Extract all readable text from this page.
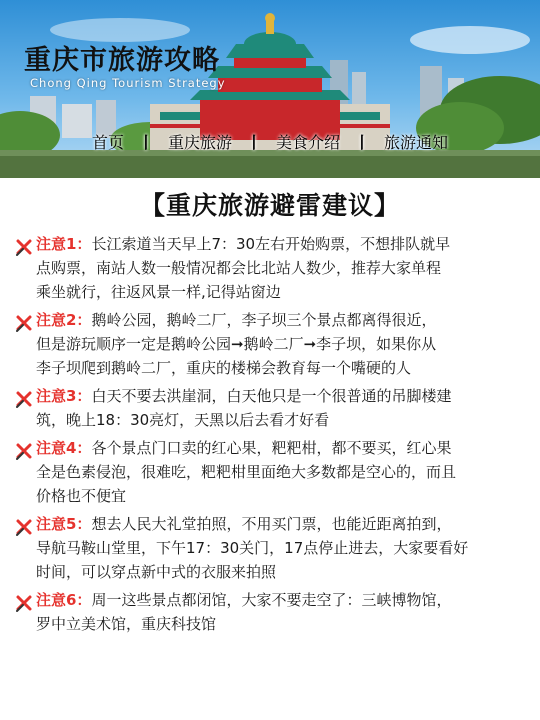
重庆市旅游攻略
Chong Qing Tourism Strategy
首页 丨 重庆旅游 丨 美食介绍 丨 旅游通知
【重庆旅游避雷建议】
注意1：长江索道当天早上7：30左右开始购票，不想排队就早
点购票，南站人数一般情况都会比北站人数少，推荐大家单程
乘坐就行，往返风景一样,记得站窗边
注意2：鹅岭公园，鹅岭二厂，李子坝三个景点都离得很近，
但是游玩顺序一定是鹅岭公园➞鹅岭二厂➞李子坝，如果你从
李子坝爬到鹅岭二厂，重庆的楼梯会教育每一个嘴硬的人
注意3：白天不要去洪崖洞，白天他只是一个很普通的吊脚楼建
筑，晚上18：30亮灯，天黑以后去看才好看
注意4：各个景点门口卖的红心果，粑粑柑，都不要买，红心果
全是色素侵泡，很难吃，粑粑柑里面绝大多数都是空心的，而且
价格也不便宜
注意5：想去人民大礼堂拍照，不用买门票，也能近距离拍到，
导航马鞍山堂里，下午17：30关门，17点停止进去，大家要看好
时间，可以穿点新中式的衣服来拍照
注意6：周一这些景点都闭馆，大家不要走空了：三峡博物馆，
罗中立美术馆，重庆科技馆
